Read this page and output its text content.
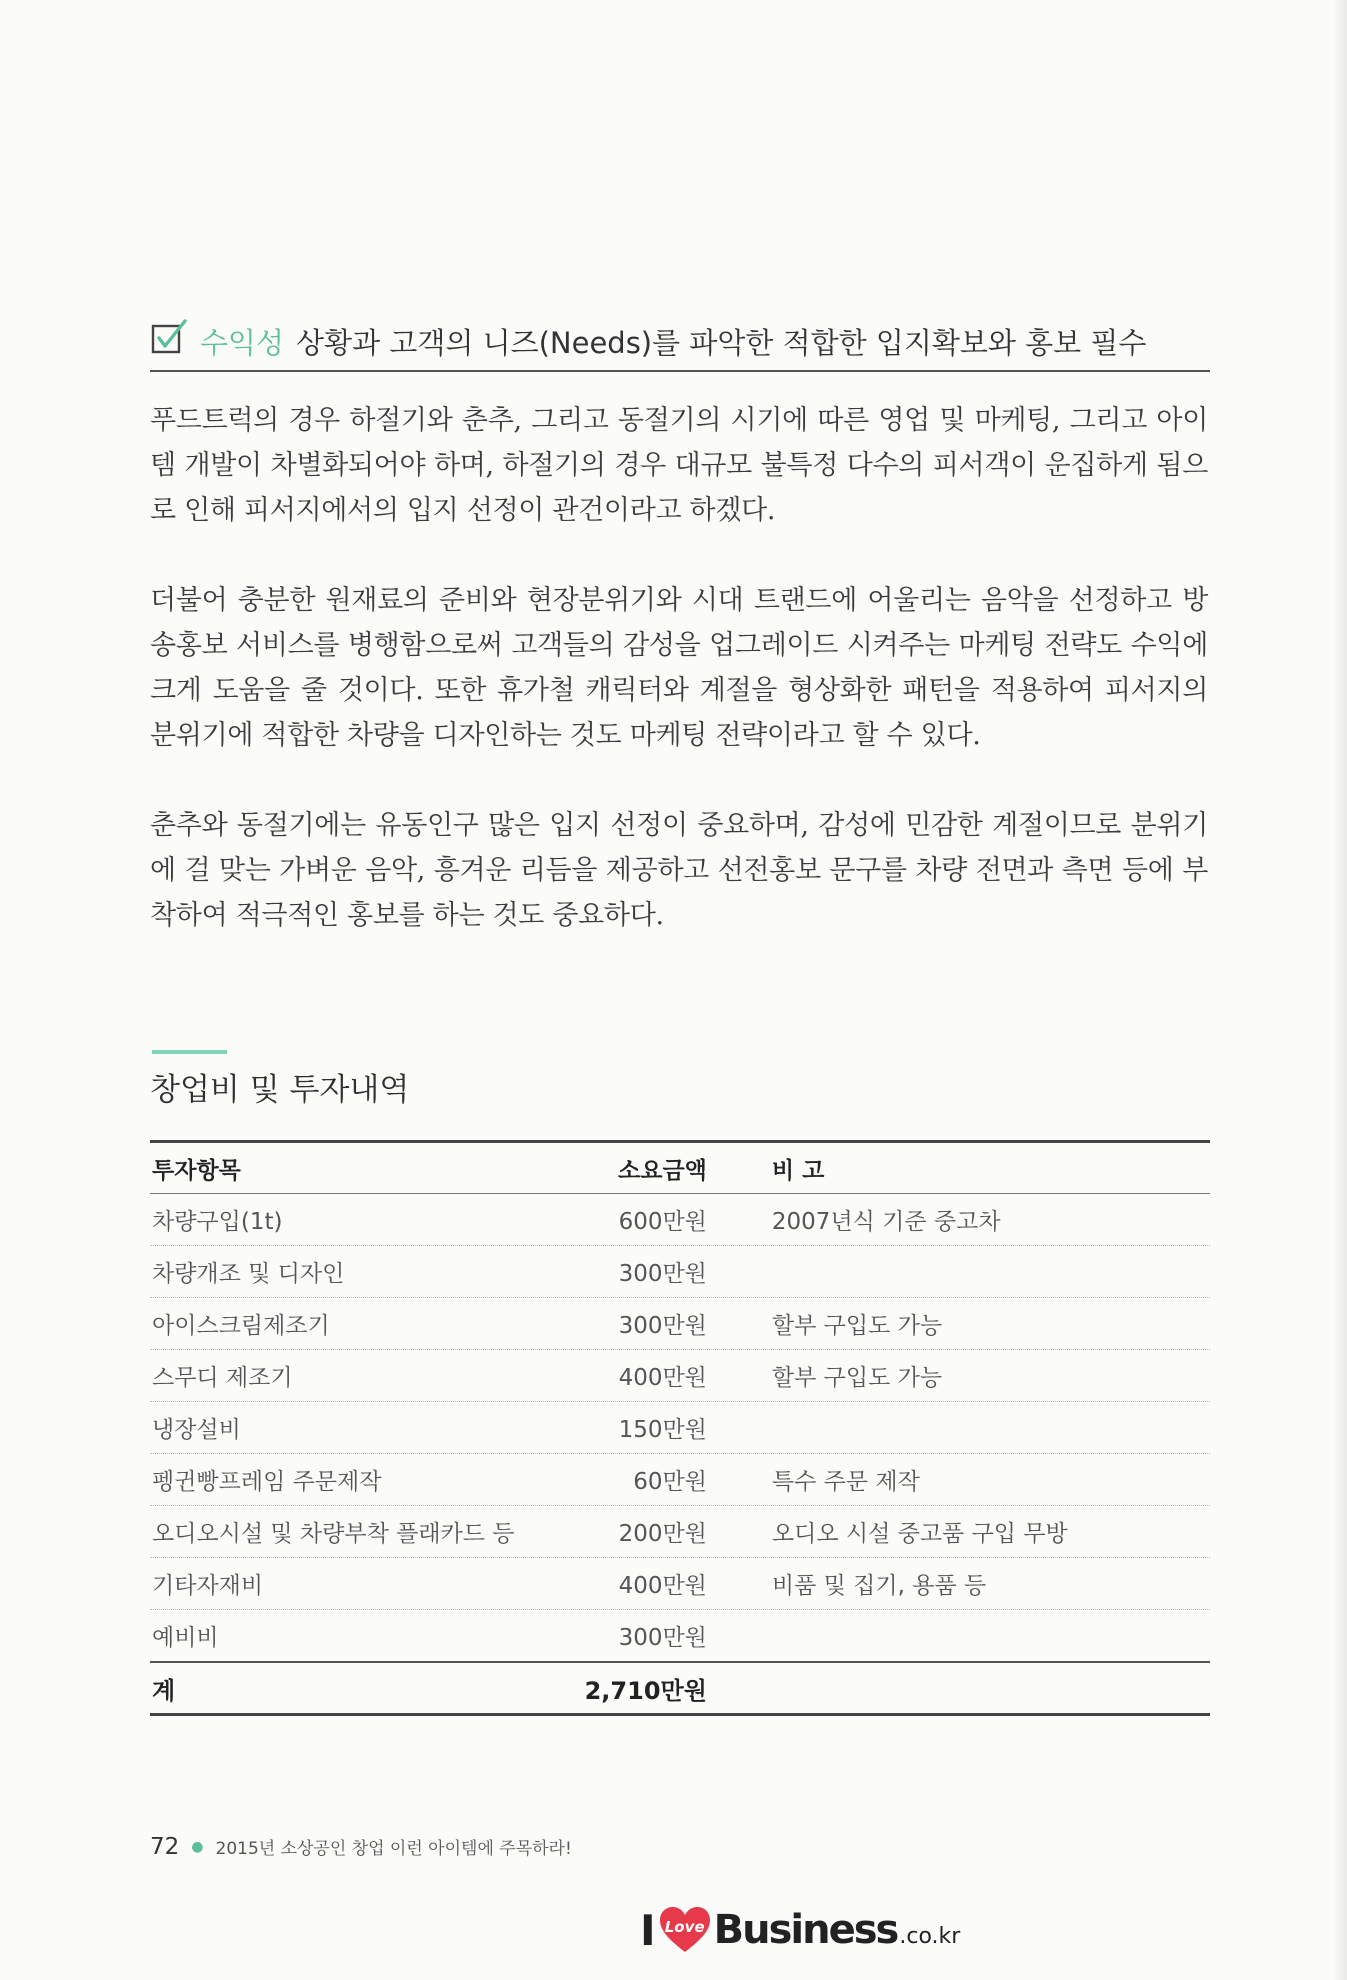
수익성 상황과 고객의 니즈(Needs)를 파악한 적합한 입지확보와 홍보 필수

푸드트럭의 경우 하절기와 춘추, 그리고 동절기의 시기에 따른 영업 및 마케팅, 그리고 아이템 개발이 차별화되어야 하며, 하절기의 경우 대규모 불특정 다수의 피서객이 운집하게 됨으로 인해 피서지에서의 입지 선정이 관건이라고 하겠다.

더불어 충분한 원재료의 준비와 현장분위기와 시대 트랜드에 어울리는 음악을 선정하고 방송홍보 서비스를 병행함으로써 고객들의 감성을 업그레이드 시켜주는 마케팅 전략도 수익에 크게 도움을 줄 것이다. 또한 휴가철 캐릭터와 계절을 형상화한 패턴을 적용하여 피서지의 분위기에 적합한 차량을 디자인하는 것도 마케팅 전략이라고 할 수 있다.

춘추와 동절기에는 유동인구 많은 입지 선정이 중요하며, 감성에 민감한 계절이므로 분위기에 걸 맞는 가벼운 음악, 흥겨운 리듬을 제공하고 선전홍보 문구를 차량 전면과 측면 등에 부착하여 적극적인 홍보를 하는 것도 중요하다.

창업비 및 투자내역
투자항목	소요금액	비 고
차량구입(1t)	600만원	2007년식 기준 중고차
차량개조 및 디자인	300만원
아이스크림제조기	300만원	할부 구입도 가능
스무디 제조기	400만원	할부 구입도 가능
냉장설비	150만원
펭귄빵프레임 주문제작	60만원	특수 주문 제작
오디오시설 및 차량부착 플래카드 등	200만원	오디오 시설 중고품 구입 무방
기타자재비	400만원	비품 및 집기, 용품 등
예비비	300만원
계	2,710만원
72 ● 2015년 소상공인 창업 이런 아이템에 주목하라!
I Love Business .co.kr
